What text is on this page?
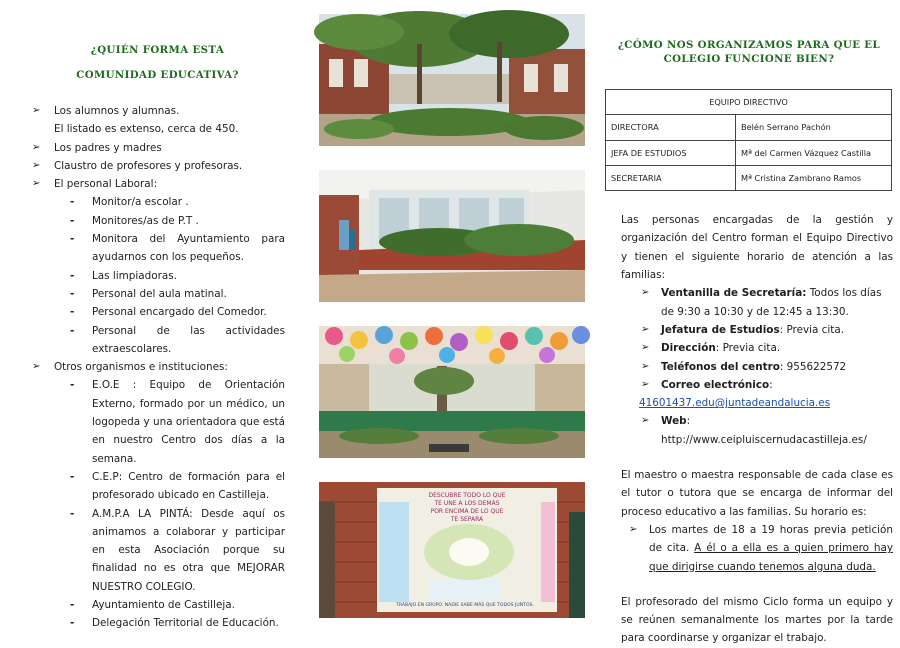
¿QUIÉN FORMA ESTA
COMUNIDAD EDUCATIVA?
➢ Los alumnos y alumnas.
El listado es extenso, cerca de 450.
➢ Los padres y madres
➢ Claustro de profesores y profesoras.
➢ El personal Laboral:
- Monitor/a escolar .
- Monitores/as de P.T .
- Monitora del Ayuntamiento para ayudarnos con los pequeños.
- Las limpiadoras.
- Personal del aula matinal.
- Personal encargado del Comedor.
- Personal de las actividades extraescolares.
➢ Otros organismos e instituciones:
- E.O.E : Equipo de Orientación Externo, formado por un médico, un logopeda y una orientadora que está en nuestro Centro dos días a la semana.
- C.E.P: Centro de formación para el profesorado ubicado en Castilleja.
- A.M.P.A LA PINTÁ: Desde aquí os animamos a colaborar y participar en esta Asociación porque su finalidad no es otra que MEJORAR NUESTRO COLEGIO.
- Ayuntamiento de Castilleja.
- Delegación Territorial de Educación.
DESCUBRE TODO LO QUE
TE UNE A LOS DEMÁS
POR ENCIMA DE LO QUE
TE SEPARA
TRABAJO EN GRUPO. NADIE SABE MÁS QUE TODOS JUNTOS.
¿CÓMO NOS ORGANIZAMOS PARA QUE EL
COLEGIO FUNCIONE BIEN?
EQUIPO DIRECTIVO	
DIRECTORA	Belén Serrano Pachón
JEFA DE ESTUDIOS	Mª del Carmen Vázquez Castilla
SECRETARIA	Mª Cristina Zambrano Ramos

Las personas encargadas de la gestión y organización del Centro forman el Equipo Directivo y tienen el siguiente horario de atención a las familias:

➢ Ventanilla de Secretaría: Todos los días de 9:30 a 10:30 y de 12:45 a 13:30.
➢ Jefatura de Estudios: Previa cita.
➢ Dirección: Previa cita.
➢ Teléfonos del centro: 955622572
➢ Correo electrónico:
41601437.edu@juntadeandalucia.es
➢ Web: http://www.ceipluiscernudacastilleja.es/

El maestro o maestra responsable de cada clase es el tutor o tutora que se encarga de informar del proceso educativo a las familias. Su horario es:

➢ Los martes de 18 a 19 horas previa petición de cita. A él o a ella es a quien primero hay que dirigirse cuando tenemos alguna duda.

El profesorado del mismo Ciclo forma un equipo y se reúnen semanalmente los martes por la tarde para coordinarse y organizar el trabajo.
